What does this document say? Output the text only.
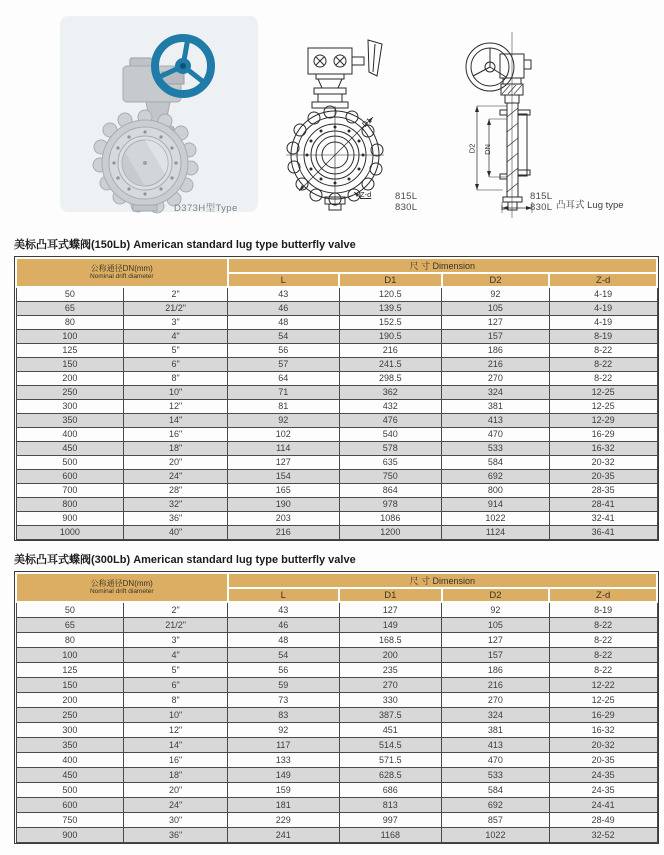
D373H型Type
D1
Z-d	815L
830L
D2 DN
L
815L
830L 凸耳式 Lug type
美标凸耳式蝶阀(150Lb) American standard lug type butterfly valve
公称通径DN(mm)
Nominal drift diameter		尺 寸 Dimension			
		L	D1	D2	Z-d
50	2"	43	120.5	92	4-19
65	21/2"	46	139.5	105	4-19
80	3"	48	152.5	127	4-19
100	4"	54	190.5	157	8-19
125	5"	56	216	186	8-22
150	6"	57	241.5	216	8-22
200	8"	64	298.5	270	8-22
250	10"	71	362	324	12-25
300	12"	81	432	381	12-25
350	14"	92	476	413	12-29
400	16"	102	540	470	16-29
450	18"	114	578	533	16-32
500	20"	127	635	584	20-32
600	24"	154	750	692	20-35
700	28"	165	864	800	28-35
800	32"	190	978	914	28-41
900	36"	203	1086	1022	32-41
1000	40"	216	1200	1124	36-41
美标凸耳式蝶阀(300Lb) American standard lug type butterfly valve
公称通径DN(mm)
Nominal drift diameter		尺 寸 Dimension			
		L	D1	D2	Z-d
50	2"	43	127	92	8-19
65	21/2"	46	149	105	8-22
80	3"	48	168.5	127	8-22
100	4"	54	200	157	8-22
125	5"	56	235	186	8-22
150	6"	59	270	216	12-22
200	8"	73	330	270	12-25
250	10"	83	387.5	324	16-29
300	12"	92	451	381	16-32
350	14"	117	514.5	413	20-32
400	16"	133	571.5	470	20-35
450	18"	149	628.5	533	24-35
500	20"	159	686	584	24-35
600	24"	181	813	692	24-41
750	30"	229	997	857	28-49
900	36"	241	1168	1022	32-52
